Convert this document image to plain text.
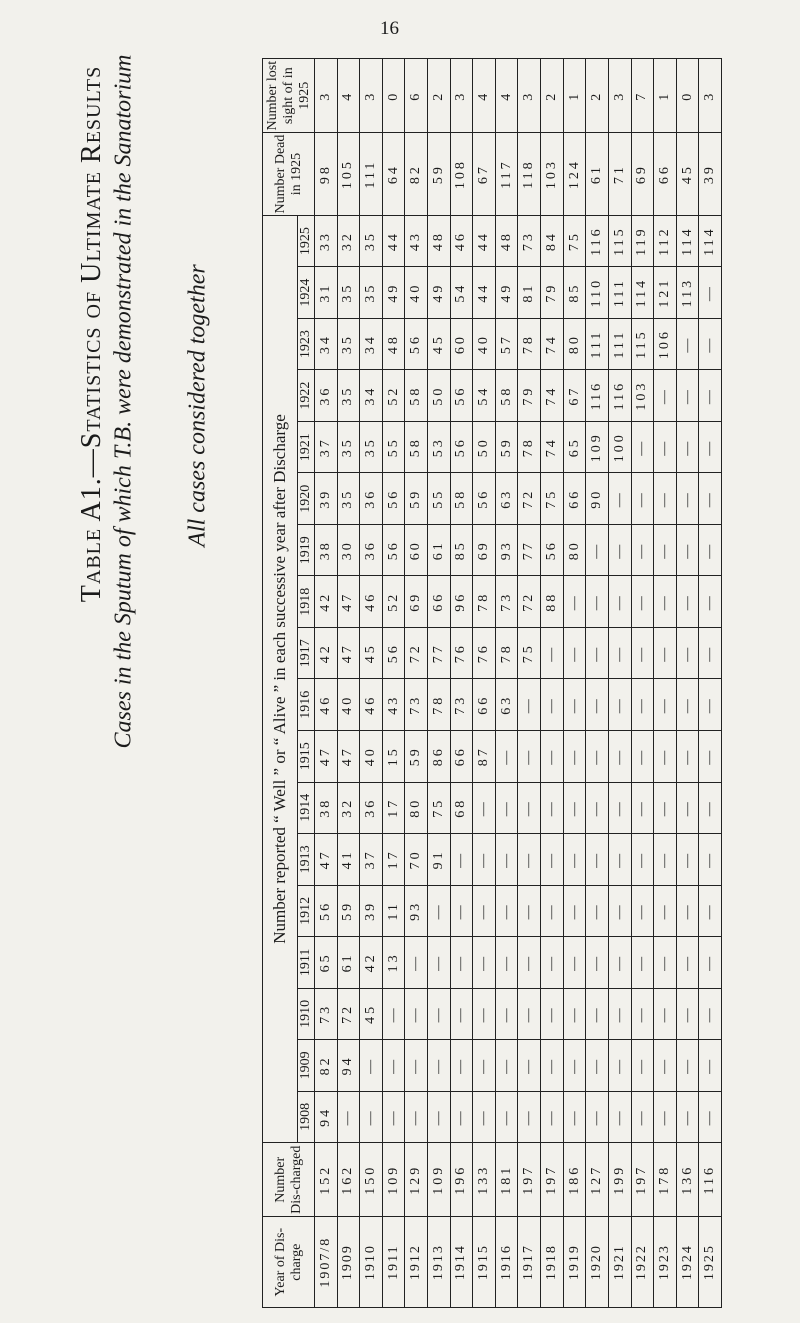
16
Table A1.—Statistics of Ultimate Results Cases in the Sputum of which T.B. were demonstrated in the Sanatorium All cases considered together
Year of Dis-charge	Number Dis-charged	Number reported “ Well ” or “ Alive ” in each successive year after Discharge																		Number Dead in 1925	Number lost sight of in 1925
		1908	1909	1910	1911	1912	1913	1914	1915	1916	1917	1918	1919	1920	1921	1922	1923	1924	1925		
1907/8	152	94	82	73	65	56	47	38	47	46	42	42	38	39	37	36	34	31	33	98	3
1909	162	—	94	72	61	59	41	32	47	40	47	47	30	35	35	35	35	35	32	105	4
1910	150	—	—	45	42	39	37	36	40	46	45	46	36	36	35	34	34	35	35	111	3
1911	109	—	—	—	13	11	17	17	15	43	56	52	56	56	55	52	48	49	44	64	0
1912	129	—	—	—	—	93	70	80	59	73	72	69	60	59	58	58	56	40	43	82	6
1913	109	—	—	—	—	—	91	75	86	78	77	66	61	55	53	50	45	49	48	59	2
1914	196	—	—	—	—	—	—	68	66	73	76	96	85	58	56	56	60	54	46	108	3
1915	133	—	—	—	—	—	—	—	87	66	76	78	69	56	50	54	40	44	44	67	4
1916	181	—	—	—	—	—	—	—	—	63	78	73	93	63	59	58	57	49	48	117	4
1917	197	—	—	—	—	—	—	—	—	—	75	72	77	72	78	79	78	81	73	118	3
1918	197	—	—	—	—	—	—	—	—	—	—	88	56	75	74	74	74	79	84	103	2
1919	186	—	—	—	—	—	—	—	—	—	—	—	80	66	65	67	80	85	75	124	1
1920	127	—	—	—	—	—	—	—	—	—	—	—	—	90	109	116	111	110	116	61	2
1921	199	—	—	—	—	—	—	—	—	—	—	—	—	—	100	116	111	111	115	71	3
1922	197	—	—	—	—	—	—	—	—	—	—	—	—	—	—	103	115	114	119	69	7
1923	178	—	—	—	—	—	—	—	—	—	—	—	—	—	—	—	106	121	112	66	1
1924	136	—	—	—	—	—	—	—	—	—	—	—	—	—	—	—	—	113	114	45	0
1925	116	—	—	—	—	—	—	—	—	—	—	—	—	—	—	—	—	—	114	39	3
